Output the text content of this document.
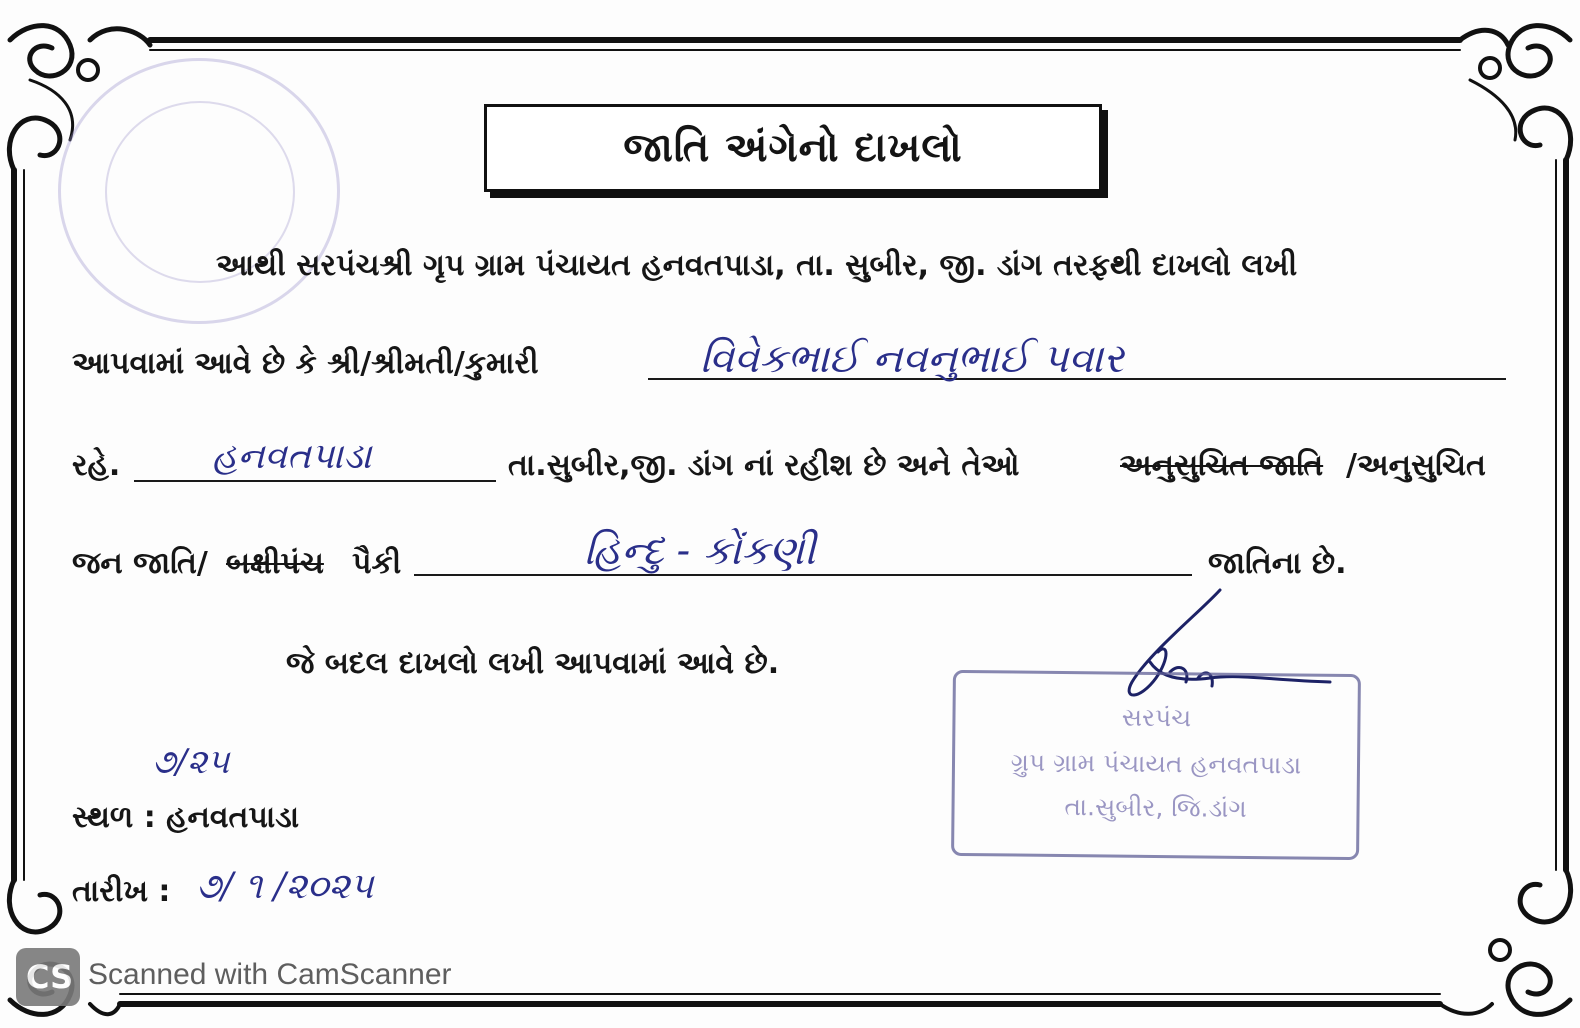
જાતિ અંગેનો દાખલો
આથી સરપંચશ્રી ગૃપ ગ્રામ પંચાયત હનવતપાડા, તા. સુબીર, જી. ડાંગ તરફથી દાખલો લખી
આપવામાં આવે છે કે શ્રી/શ્રીમતી/કુમારી	વિવેકભાઈ નવનુભાઈ પવાર
રહે.	હનવતપાડા	તા.સુબીર,જી. ડાંગ નાં રહીશ છે અને તેઓ	અનુસુચિત જાતિ /અનુસુચિત
જન જાતિ/ બક્ષીપંચ પૈકી	હિન્દુ - કોંકણી	જાતિના છે.
જે બદલ દાખલો લખી આપવામાં આવે છે.
સરપંચ
ગ્રુપ ગ્રામ પંચાયત હનવતપાડા
તા.સુબીર, જિ.ડાંગ
૭/૨૫
સ્થળ : હનવતપાડા
તારીખ : ૭/ ૧ /૨૦૨૫
CS Scanned with CamScanner
